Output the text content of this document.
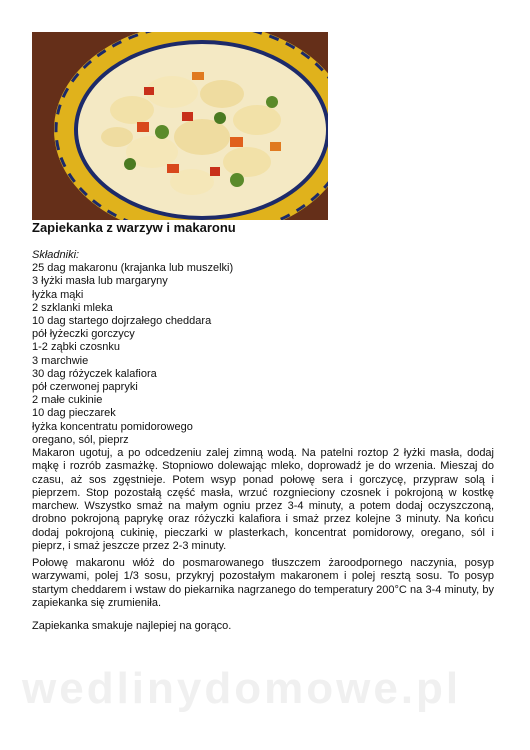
Zapiekanka z warzyw i makaronu
Składniki:
25 dag makaronu (krajanka lub muszelki)
3 łyżki masła lub margaryny
łyżka mąki
2 szklanki mleka
10 dag startego dojrzałego cheddara
pół łyżeczki gorczycy
1-2 ząbki czosnku
3 marchwie
30 dag różyczek kalafiora
pół czerwonej papryki
2 małe cukinie
10 dag pieczarek
łyżka koncentratu pomidorowego
oregano, sól, pieprz

Makaron ugotuj, a po odcedzeniu zalej zimną wodą. Na patelni roztop 2 łyżki masła, dodaj mąkę i rozrób zasmażkę. Stopniowo dolewając mleko, doprowadź je do wrzenia. Mieszaj do czasu, aż sos zgęstnieje. Potem wsyp ponad połowę sera i gorczycę, przypraw solą i pieprzem. Stop pozostałą część masła, wrzuć rozgnieciony czosnek i pokrojoną w kostkę marchew. Wszystko smaż na małym ogniu przez 3-4 minuty, a potem dodaj oczyszczoną, drobno pokrojoną paprykę oraz różyczki kalafiora i smaż przez kolejne 3 minuty. Na końcu dodaj pokrojoną cukinię, pieczarki w plasterkach, koncentrat pomidorowy, oregano, sól i pieprz, i smaż jeszcze przez 2-3 minuty.

Połowę makaronu włóż do posmarowanego tłuszczem żaroodpornego naczynia, posyp warzywami, polej 1/3 sosu, przykryj pozostałym makaronem i polej resztą sosu. To posyp startym cheddarem i wstaw do piekarnika nagrzanego do temperatury 200°C na 3-4 minuty, by zapiekanka się zrumieniła.

Zapiekanka smakuje najlepiej na gorąco.

wedlinydomowe.pl
